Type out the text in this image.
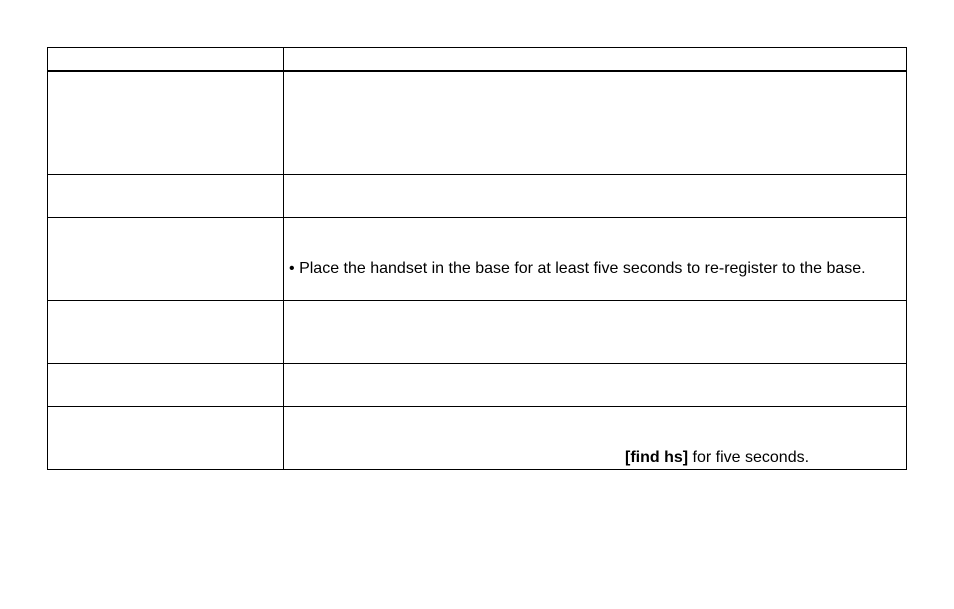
	• Place the handset in the base for at least five seconds to re-register to the base.

	[find hs] for five seconds.
